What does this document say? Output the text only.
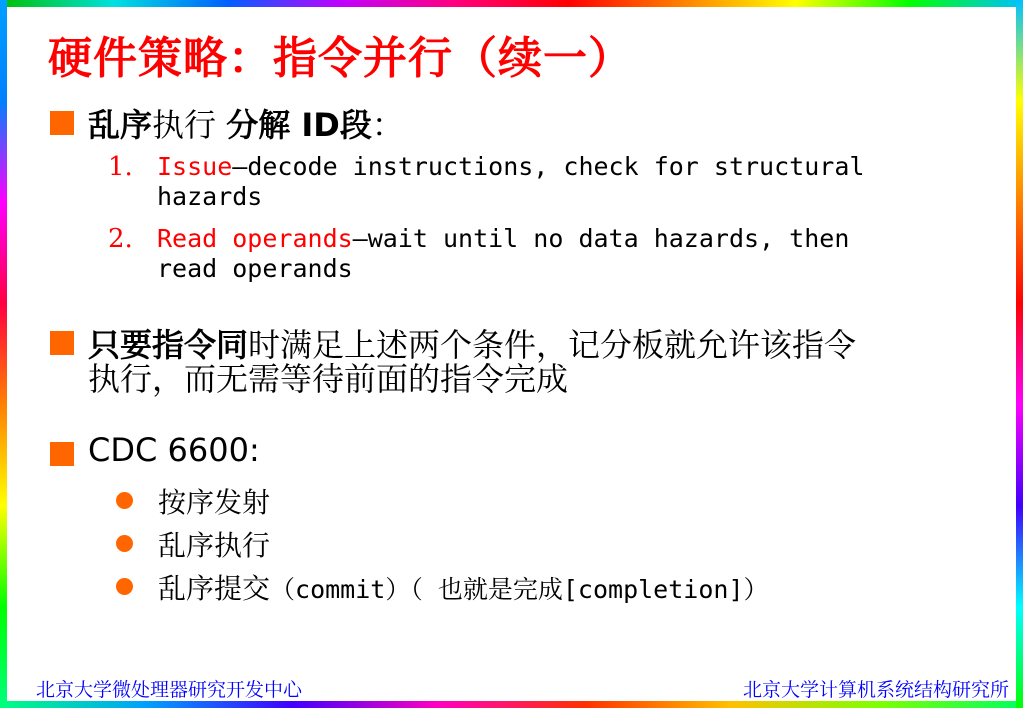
硬件策略：指令并行（续一）
乱序执行 分解 ID段：
1. Issue—decode instructions, check for structural
hazards
2. Read operands—wait until no data hazards, then
read operands
只要指令同时满足上述两个条件，记分板就允许该指令
执行，而无需等待前面的指令完成
CDC 6600:
按序发射
乱序执行
乱序提交（commit）（ 也就是完成[completion]）
北京大学微处理器研究开发中心	北京大学计算机系统结构研究所
